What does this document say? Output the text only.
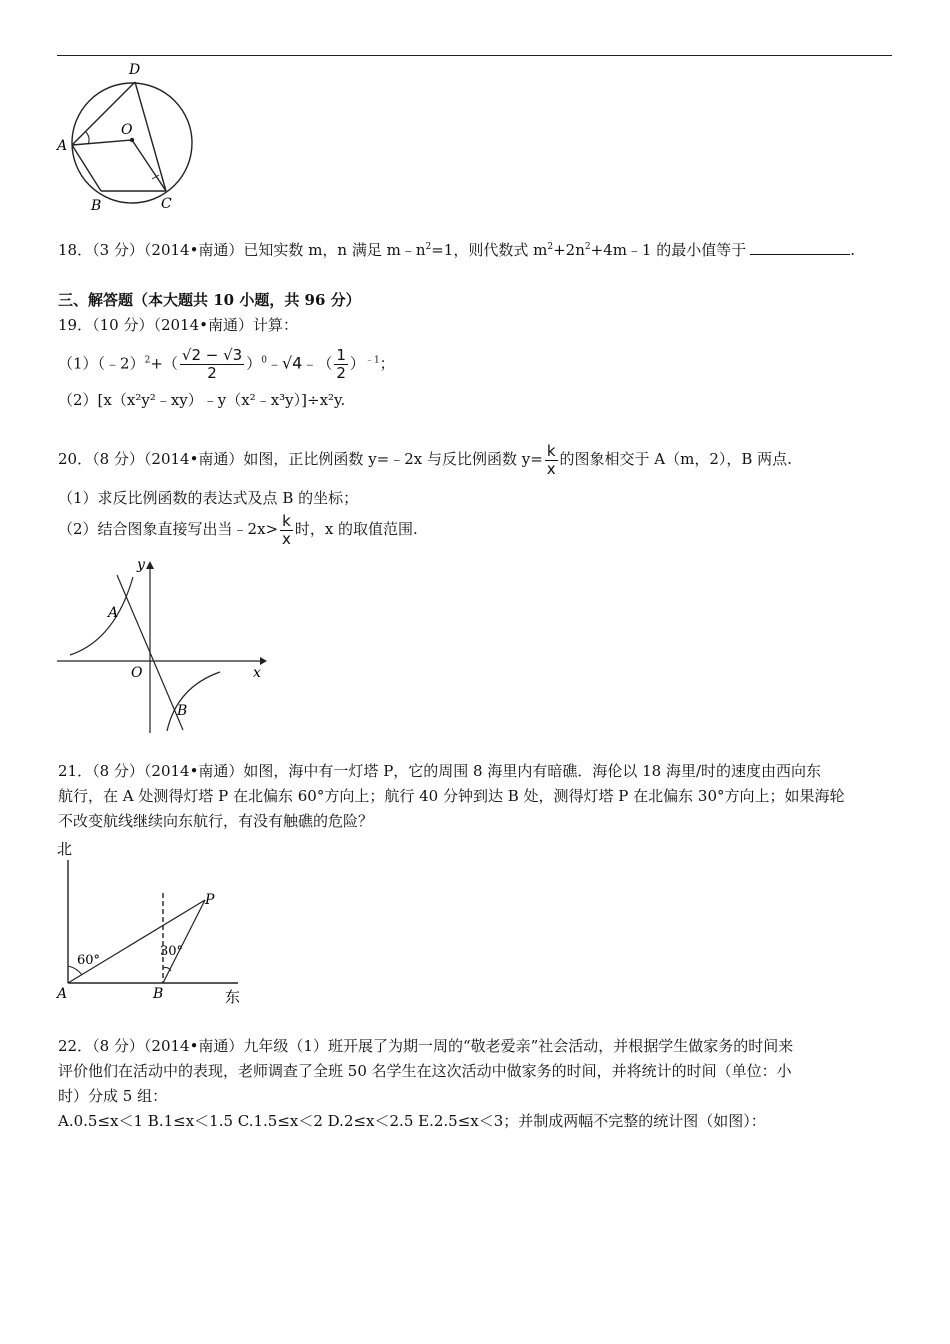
D
A
O
B	C
18．（3 分）（2014•南通）已知实数 m，n 满足 $m﹣n^2=1$，则代数式 $m^2+2n^2+4m﹣1$ 的最小值等于	.
三、解答题（本大题共 10 小题，共 96 分）
19．（10 分）（2014•南通）计算：
（1）（﹣2）$^2$+（ $\frac{√2 - √3}{2}$ ）$^0$﹣√4﹣（ $\frac{1}{2} )^{﹣1}$；
（2）[x（x²y²﹣xy）﹣y（x²﹣x³y）]÷x²y.
20．（8 分）（2014•南通）如图，正比例函数 y=﹣2x 与反比例函数 $y= \frac{k}{x}$ 的图象相交于 A（m，2），B 两点.
（1）求反比例函数的表达式及点 B 的坐标；
（2）结合图象直接写出当﹣2x> $\frac{k}{x}$ 时，x 的取值范围.
y
A
O	x
B
21．（8 分）（2014•南通）如图，海中有一灯塔 P，它的周围 8 海里内有暗礁．海伦以 18 海里/时的速度由西向东
航行，在 A 处测得灯塔 P 在北偏东 60°方向上；航行 40 分钟到达 B 处，测得灯塔 P 在北偏东 30°方向上；如果海轮
不改变航线继续向东航行，有没有触礁的危险？
北
东
A	B
P
60°
30°
22．（8 分）（2014•南通）九年级（1）班开展了为期一周的“敬老爱亲”社会活动，并根据学生做家务的时间来
评价他们在活动中的表现，老师调查了全班 50 名学生在这次活动中做家务的时间，并将统计的时间（单位：小
时）分成 5 组：
A.0.5≤x＜1 B.1≤x＜1.5 C.1.5≤x＜2 D.2≤x＜2.5 E.2.5≤x＜3；并制成两幅不完整的统计图（如图）：
